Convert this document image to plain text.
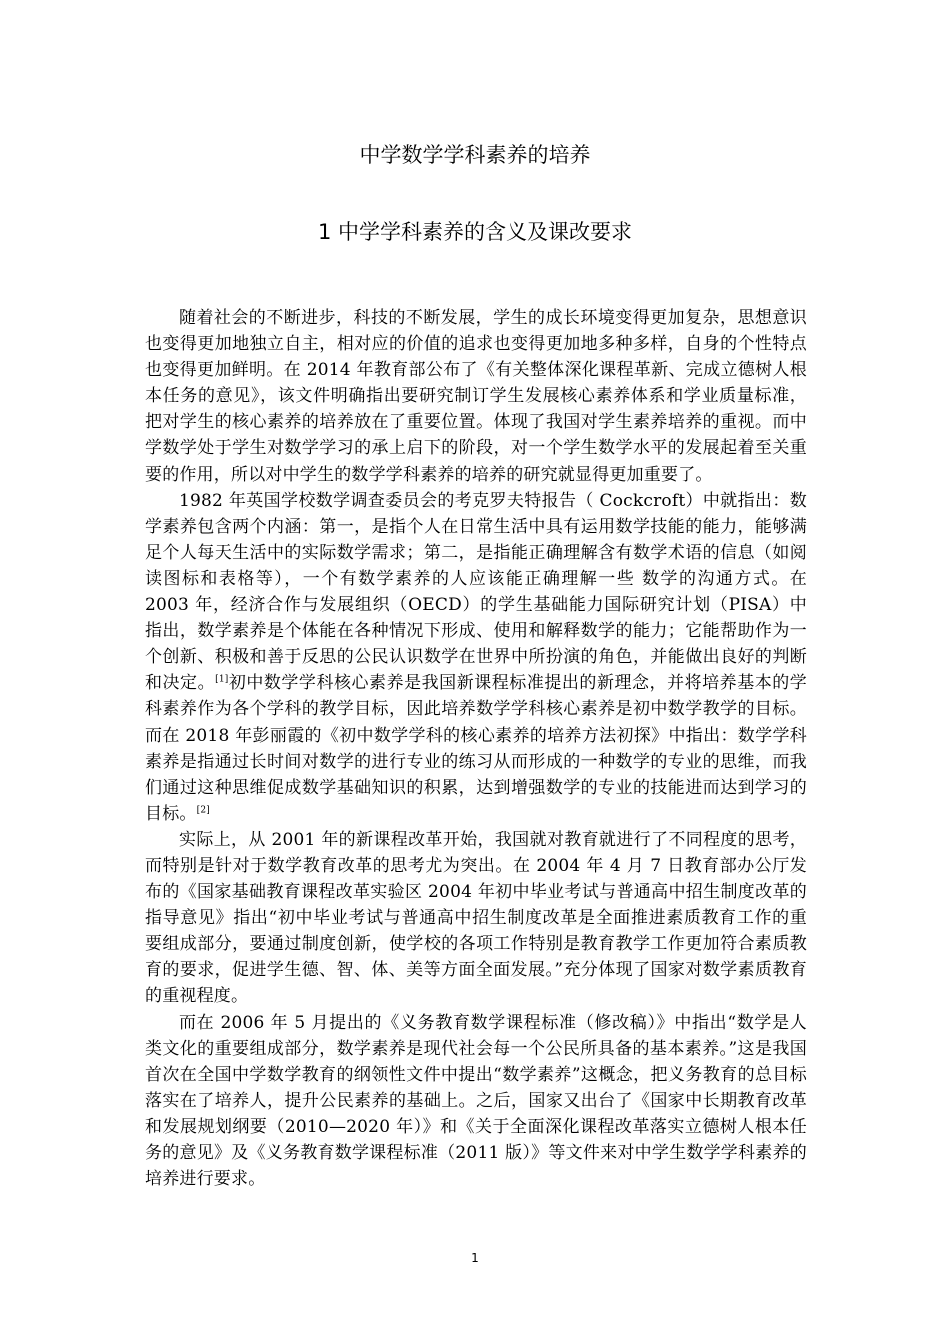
中学数学学科素养的培养
1 中学学科素养的含义及课改要求

随着社会的不断进步，科技的不断发展，学生的成长环境变得更加复杂，思想意识也变得更加地独立自主，相对应的价值的追求也变得更加地多种多样，自身的个性特点也变得更加鲜明。在 2014 年教育部公布了《有关整体深化课程革新、完成立德树人根本任务的意见》，该文件明确指出要研究制订学生发展核心素养体系和学业质量标准，把对学生的核心素养的培养放在了重要位置。体现了我国对学生素养培养的重视。而中学数学处于学生对数学学习的承上启下的阶段，对一个学生数学水平的发展起着至关重要的作用，所以对中学生的数学学科素养的培养的研究就显得更加重要了。

1982 年英国学校数学调查委员会的考克罗夫特报告（ Cockcroft）中就指出：数学素养包含两个内涵：第一，是指个人在日常生活中具有运用数学技能的能力，能够满足个人每天生活中的实际数学需求；第二，是指能正确理解含有数学术语的信息（如阅读图标和表格等），一个有数学素养的人应该能正确理解一些 数学的沟通方式。在 2003 年，经济合作与发展组织（OECD）的学生基础能力国际研究计划（PISA）中指出，数学素养是个体能在各种情况下形成、使用和解释数学的能力；它能帮助作为一个创新、积极和善于反思的公民认识数学在世界中所扮演的角色，并能做出良好的判断和决定。[1]初中数学学科核心素养是我国新课程标准提出的新理念，并将培养基本的学科素养作为各个学科的教学目标，因此培养数学学科核心素养是初中数学教学的目标。而在 2018 年彭丽霞的《初中数学学科的核心素养的培养方法初探》中指出：数学学科素养是指通过长时间对数学的进行专业的练习从而形成的一种数学的专业的思维，而我们通过这种思维促成数学基础知识的积累，达到增强数学的专业的技能进而达到学习的目标。[2]

实际上，从 2001 年的新课程改革开始，我国就对教育就进行了不同程度的思考，而特别是针对于数学教育改革的思考尤为突出。在 2004 年 4 月 7 日教育部办公厅发布的《国家基础教育课程改革实验区 2004 年初中毕业考试与普通高中招生制度改革的指导意见》指出“初中毕业考试与普通高中招生制度改革是全面推进素质教育工作的重要组成部分，要通过制度创新，使学校的各项工作特别是教育教学工作更加符合素质教育的要求，促进学生德、智、体、美等方面全面发展。”充分体现了国家对数学素质教育的重视程度。

而在 2006 年 5 月提出的《义务教育数学课程标准（修改稿）》中指出“数学是人类文化的重要组成部分，数学素养是现代社会每一个公民所具备的基本素养。”这是我国首次在全国中学数学教育的纲领性文件中提出“数学素养”这概念，把义务教育的总目标落实在了培养人，提升公民素养的基础上。之后，国家又出台了《国家中长期教育改革和发展规划纲要（2010—2020 年）》和《关于全面深化课程改革落实立德树人根本任务的意见》及《义务教育数学课程标准（2011 版）》等文件来对中学生数学学科素养的培养进行要求。

1
